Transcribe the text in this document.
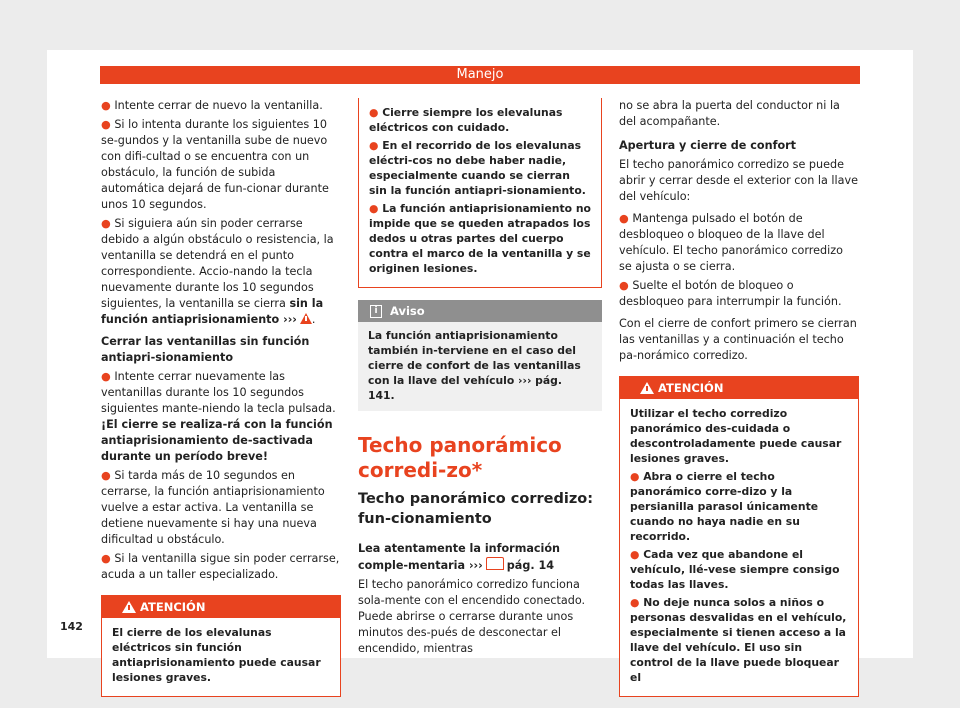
Manejo

● Intente cerrar de nuevo la ventanilla.

● Si lo intenta durante los siguientes 10 se-gundos y la ventanilla sube de nuevo con difi-cultad o se encuentra con un obstáculo, la función de subida automática dejará de fun-cionar durante unos 10 segundos.

● Si siguiera aún sin poder cerrarse debido a algún obstáculo o resistencia, la ventanilla se detendrá en el punto correspondiente. Accio-nando la tecla nuevamente durante los 10 segundos siguientes, la ventanilla se cierra sin la función antiaprisionamiento ››› .

Cerrar las ventanillas sin función antiapri-sionamiento

● Intente cerrar nuevamente las ventanillas durante los 10 segundos siguientes mante-niendo la tecla pulsada. ¡El cierre se realiza-rá con la función antiaprisionamiento de-sactivada durante un período breve!

● Si tarda más de 10 segundos en cerrarse, la función antiaprisionamiento vuelve a estar activa. La ventanilla se detiene nuevamente si hay una nueva dificultad u obstáculo.

● Si la ventanilla sigue sin poder cerrarse, acuda a un taller especializado.

ATENCIÓN

El cierre de los elevalunas eléctricos sin función antiaprisionamiento puede causar lesiones graves.

● Cierre siempre los elevalunas eléctricos con cuidado.

● En el recorrido de los elevalunas eléctri-cos no debe haber nadie, especialmente cuando se cierran sin la función antiapri-sionamiento.

● La función antiaprisionamiento no impide que se queden atrapados los dedos u otras partes del cuerpo contra el marco de la ventanilla y se originen lesiones.

i	Aviso
La función antiaprisionamiento también in-terviene en el caso del cierre de confort de las ventanillas con la llave del vehículo ››› pág. 141.
Techo panorámico corredi-zo*
Techo panorámico corredizo: fun-cionamiento

Lea atentamente la información comple-mentaria ››› pág. 14

El techo panorámico corredizo funciona sola-mente con el encendido conectado. Puede abrirse o cerrarse durante unos minutos des-pués de desconectar el encendido, mientras

no se abra la puerta del conductor ni la del acompañante.

Apertura y cierre de confort

El techo panorámico corredizo se puede abrir y cerrar desde el exterior con la llave del vehículo:

● Mantenga pulsado el botón de desbloqueo o bloqueo de la llave del vehículo. El techo panorámico corredizo se ajusta o se cierra.

● Suelte el botón de bloqueo o desbloqueo para interrumpir la función.

Con el cierre de confort primero se cierran las ventanillas y a continuación el techo pa-norámico corredizo.

ATENCIÓN

Utilizar el techo corredizo panorámico des-cuidada o descontroladamente puede causar lesiones graves.

● Abra o cierre el techo panorámico corre-dizo y la persianilla parasol únicamente cuando no haya nadie en su recorrido.

● Cada vez que abandone el vehículo, llé-vese siempre consigo todas las llaves.

● No deje nunca solos a niños o personas desvalidas en el vehículo, especialmente si tienen acceso a la llave del vehículo. El uso sin control de la llave puede bloquear el

142
